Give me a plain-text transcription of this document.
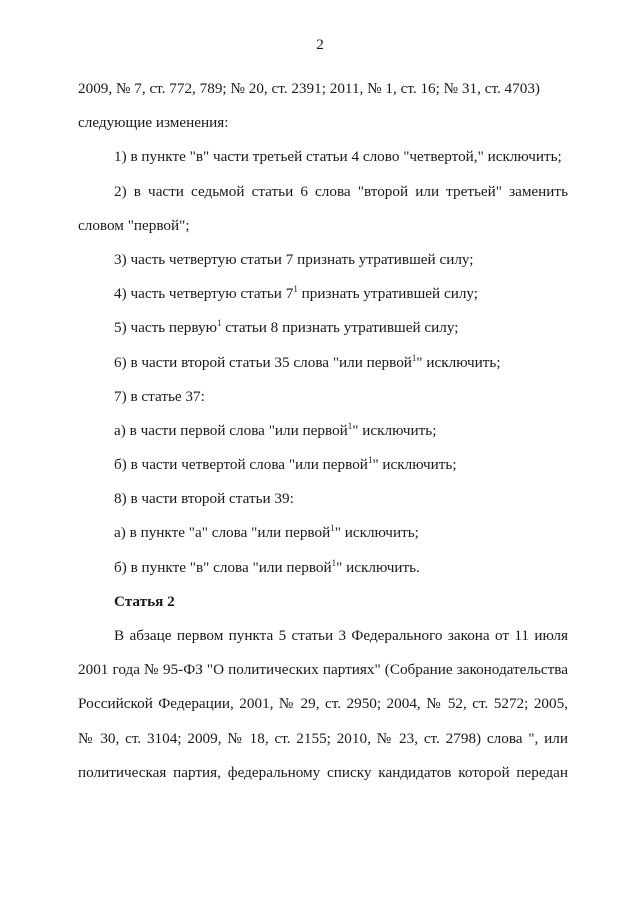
2
2009, № 7, ст. 772, 789; № 20, ст. 2391; 2011, № 1, ст. 16; № 31, ст. 4703)
следующие изменения:
1) в пункте "в" части третьей статьи 4 слово "четвертой," исключить;
2) в части седьмой статьи 6 слова "второй или третьей" заменить
словом "первой";
3) часть четвертую статьи 7 признать утратившей силу;
4) часть четвертую статьи $7^1$ признать утратившей силу;
5) часть первую$^1$ статьи 8 признать утратившей силу;
6) в части второй статьи 35 слова "или первой$^1$" исключить;
7) в статье 37:
а) в части первой слова "или первой$^1$" исключить;
б) в части четвертой слова "или первой$^1$" исключить;
8) в части второй статьи 39:
а) в пункте "а" слова "или первой$^1$" исключить;
б) в пункте "в" слова "или первой$^1$" исключить.
Статья 2
В абзаце первом пункта 5 статьи 3 Федерального закона от 11 июля
2001 года № 95-ФЗ "О политических партиях" (Собрание законодательства
Российской Федерации, 2001, № 29, ст. 2950; 2004, № 52, ст. 5272; 2005,
№ 30, ст. 3104; 2009, № 18, ст. 2155; 2010, № 23, ст. 2798) слова ", или
политическая партия, федеральному списку кандидатов которой передан
